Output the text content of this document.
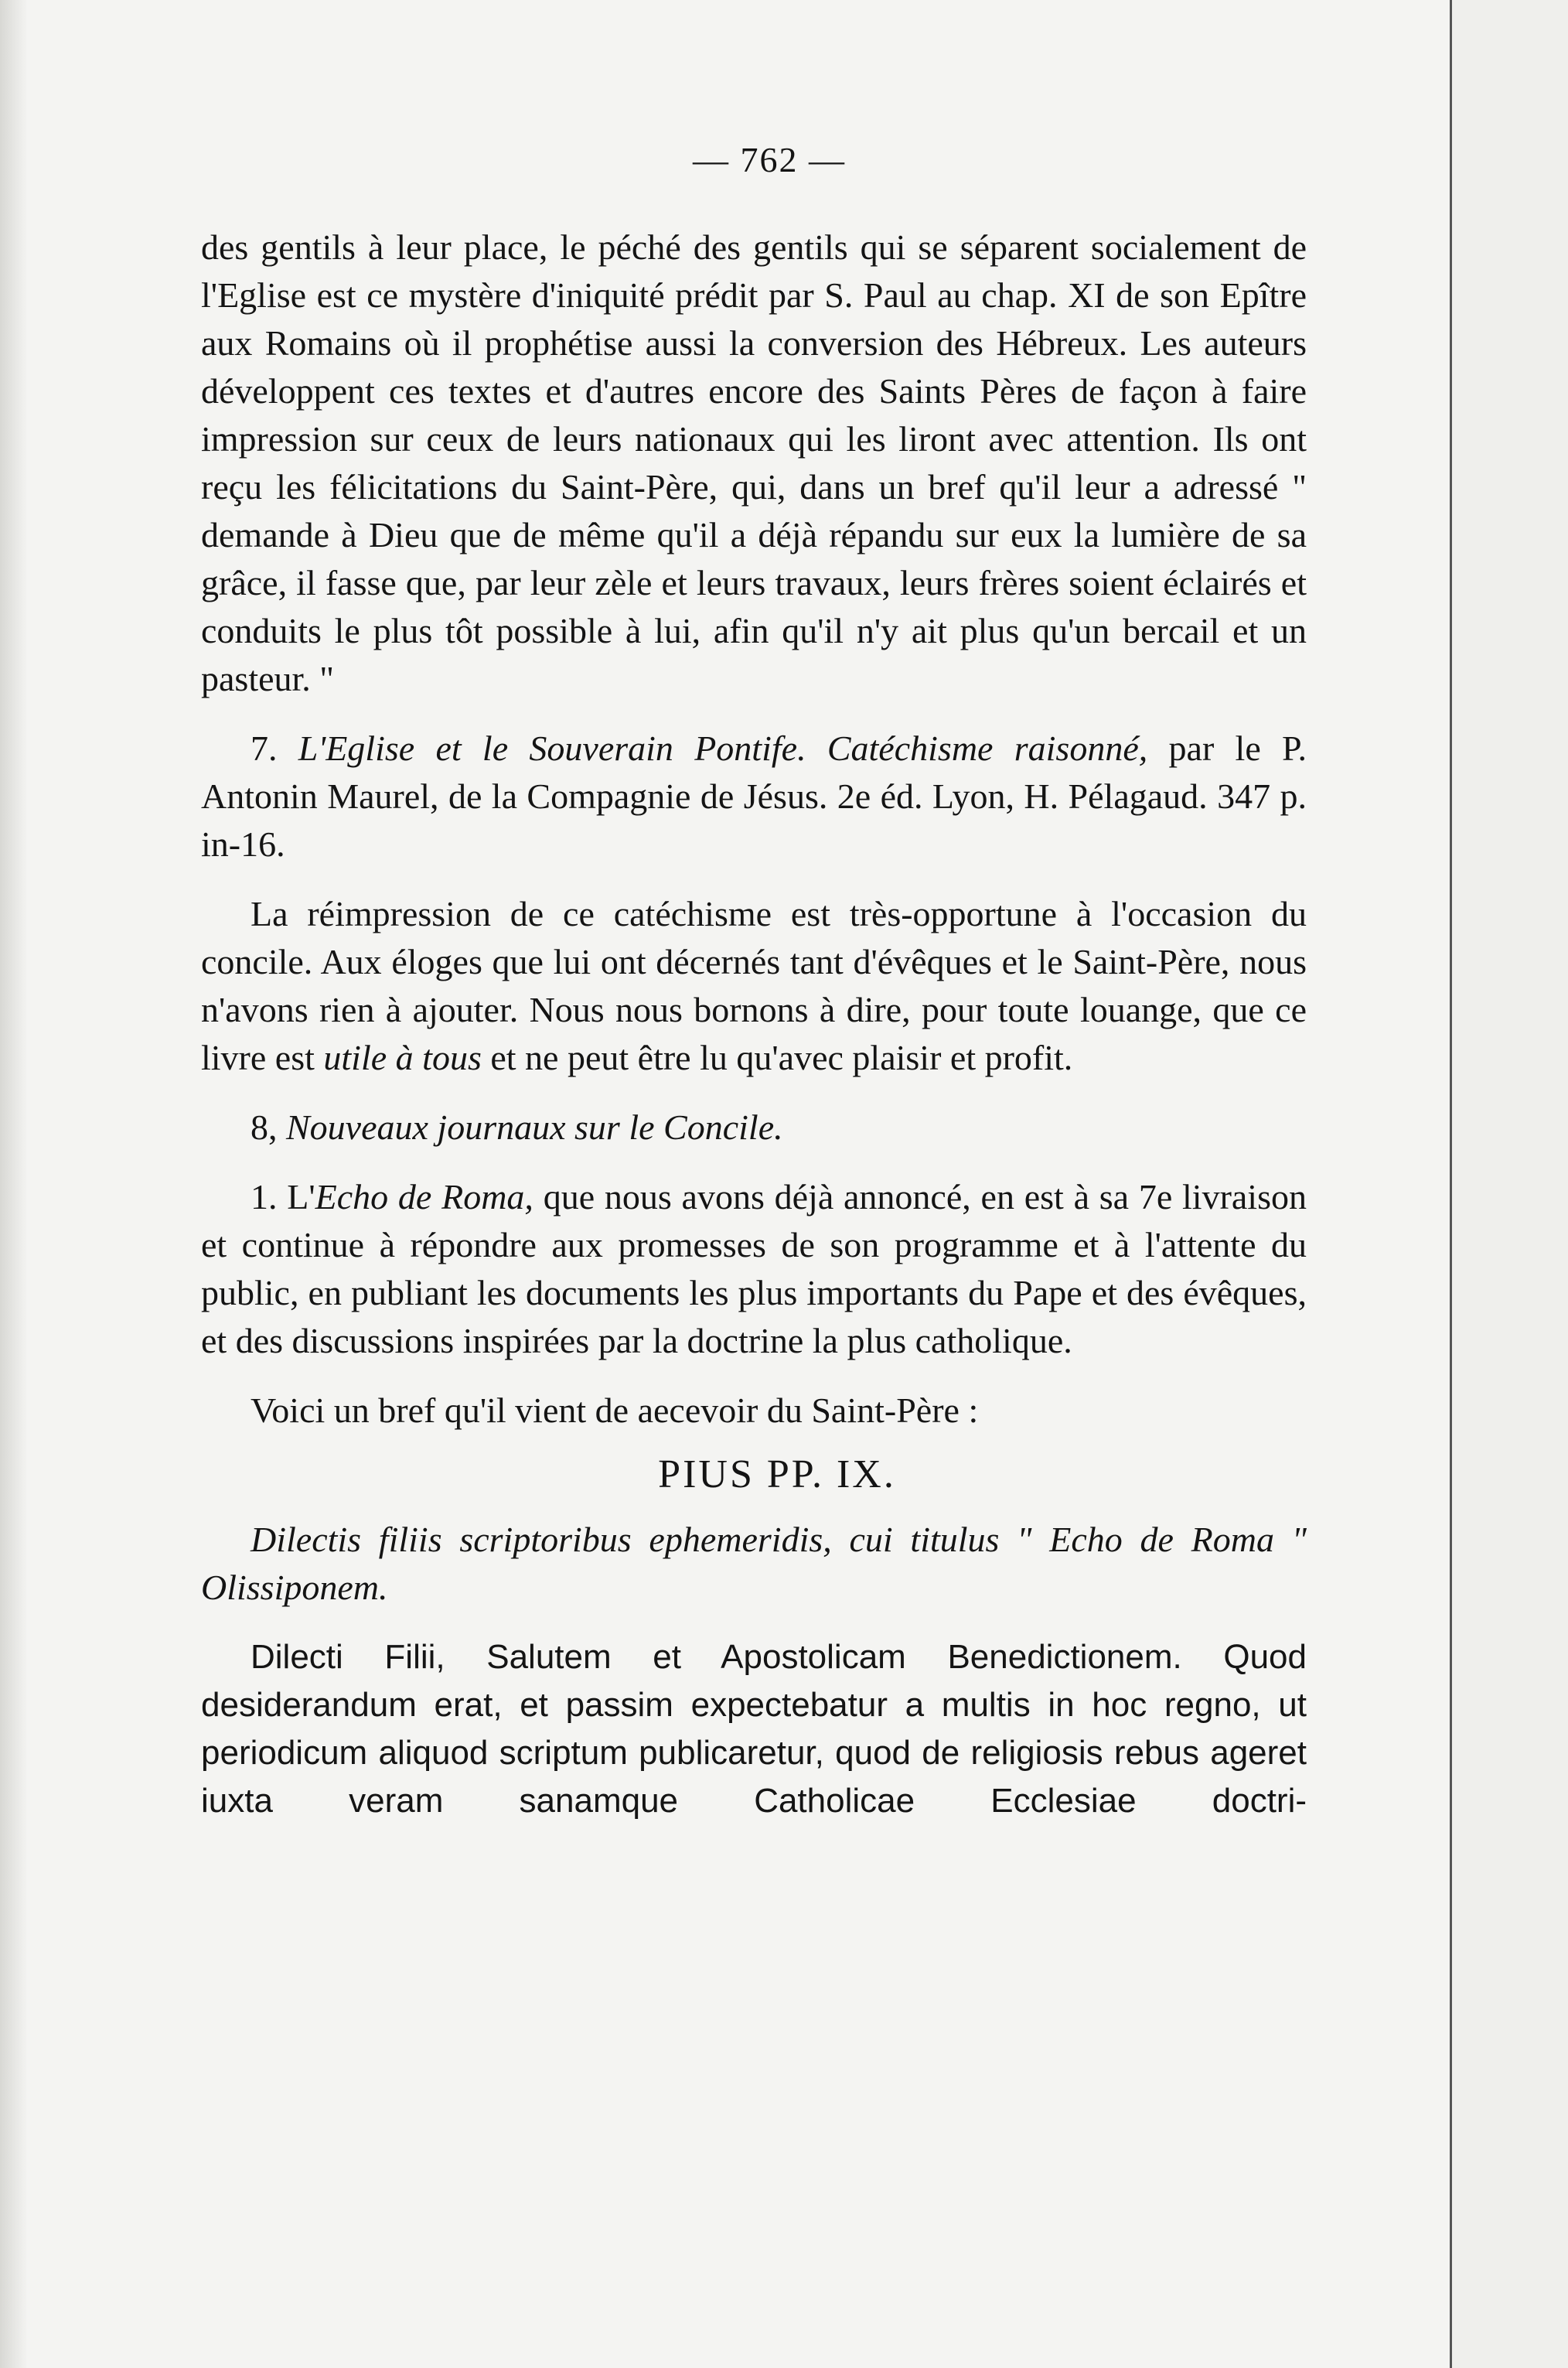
— 762 —

des gentils à leur place, le péché des gentils qui se séparent socialement de l'Eglise est ce mystère d'iniquité prédit par S. Paul au chap. XI de son Epître aux Romains où il prophétise aussi la conversion des Hébreux. Les auteurs développent ces textes et d'autres encore des Saints Pères de façon à faire impression sur ceux de leurs nationaux qui les liront avec attention. Ils ont reçu les félicitations du Saint-Père, qui, dans un bref qu'il leur a adressé " demande à Dieu que de même qu'il a déjà répandu sur eux la lumière de sa grâce, il fasse que, par leur zèle et leurs travaux, leurs frères soient éclairés et conduits le plus tôt possible à lui, afin qu'il n'y ait plus qu'un bercail et un pasteur. "

7. L'Eglise et le Souverain Pontife. Catéchisme raisonné, par le P. Antonin Maurel, de la Compagnie de Jésus. 2e éd. Lyon, H. Pélagaud. 347 p. in-16.

La réimpression de ce catéchisme est très-opportune à l'occasion du concile. Aux éloges que lui ont décernés tant d'évêques et le Saint-Père, nous n'avons rien à ajouter. Nous nous bornons à dire, pour toute louange, que ce livre est utile à tous et ne peut être lu qu'avec plaisir et profit.

8, Nouveaux journaux sur le Concile.

1. L'Echo de Roma, que nous avons déjà annoncé, en est à sa 7e livraison et continue à répondre aux promesses de son programme et à l'attente du public, en publiant les documents les plus importants du Pape et des évêques, et des discussions inspirées par la doctrine la plus catholique.

Voici un bref qu'il vient de aecevoir du Saint-Père :

PIUS PP. IX.

Dilectis filiis scriptoribus ephemeridis, cui titulus " Echo de Roma " Olissiponem.

Dilecti Filii, Salutem et Apostolicam Benedictionem. Quod desiderandum erat, et passim expectebatur a multis in hoc regno, ut periodicum aliquod scriptum publicaretur, quod de religiosis rebus ageret iuxta veram sanamque Catholicae Ecclesiae doctri-
